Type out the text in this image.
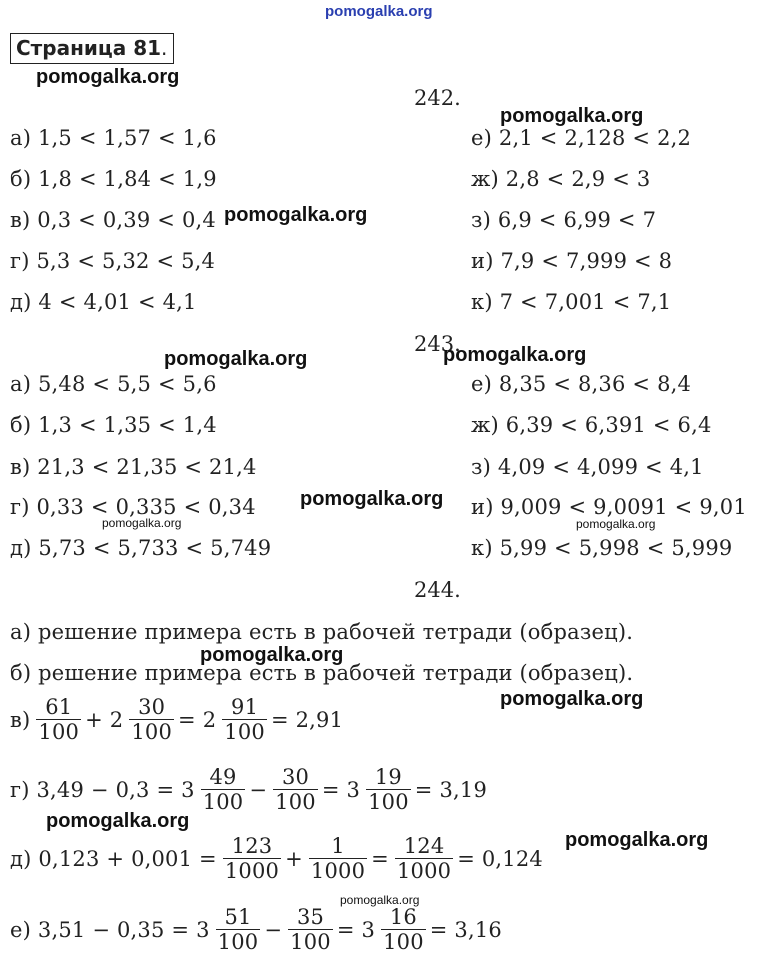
pomogalka.org
Страница 81.
242.
а) 1,5 < 1,57 < 1,6
б) 1,8 < 1,84 < 1,9
в) 0,3 < 0,39 < 0,4
г) 5,3 < 5,32 < 5,4
д) 4 < 4,01 < 4,1
е) 2,1 < 2,128 < 2,2
ж) 2,8 < 2,9 < 3
з) 6,9 < 6,99 < 7
и) 7,9 < 7,999 < 8
к) 7 < 7,001 < 7,1
243.
а) 5,48 < 5,5 < 5,6
б) 1,3 < 1,35 < 1,4
в) 21,3 < 21,35 < 21,4
г) 0,33 < 0,335 < 0,34
д) 5,73 < 5,733 < 5,749
е) 8,35 < 8,36 < 8,4
ж) 6,39 < 6,391 < 6,4
з) 4,09 < 4,099 < 4,1
и) 9,009 < 9,0091 < 9,01
к) 5,99 < 5,998 < 5,999
244.
а) решение примера есть в рабочей тетради (образец).
б) решение примера есть в рабочей тетради (образец).
$в) \frac{61}{100} + 2 \frac{30}{100} = 2 \frac{91}{100} = 2,91$
г) $3,49 - 0,3 = 3 \frac{49}{100} - \frac{30}{100} = 3 \frac{19}{100} = 3,19$
д) $0,123 + 0,001 = \frac{123}{1000} + \frac{1}{1000} = \frac{124}{1000} = 0,124$
е) $3,51 - 0,35 = 3 \frac{51}{100} - \frac{35}{100} = 3 \frac{16}{100} = 3,16$
pomogalka.org
pomogalka.org
pomogalka.org
pomogalka.org	pomogalka.org
pomogalka.org
pomogalka.org	pomogalka.org
pomogalka.org
pomogalka.org
pomogalka.org
pomogalka.org
pomogalka.org
